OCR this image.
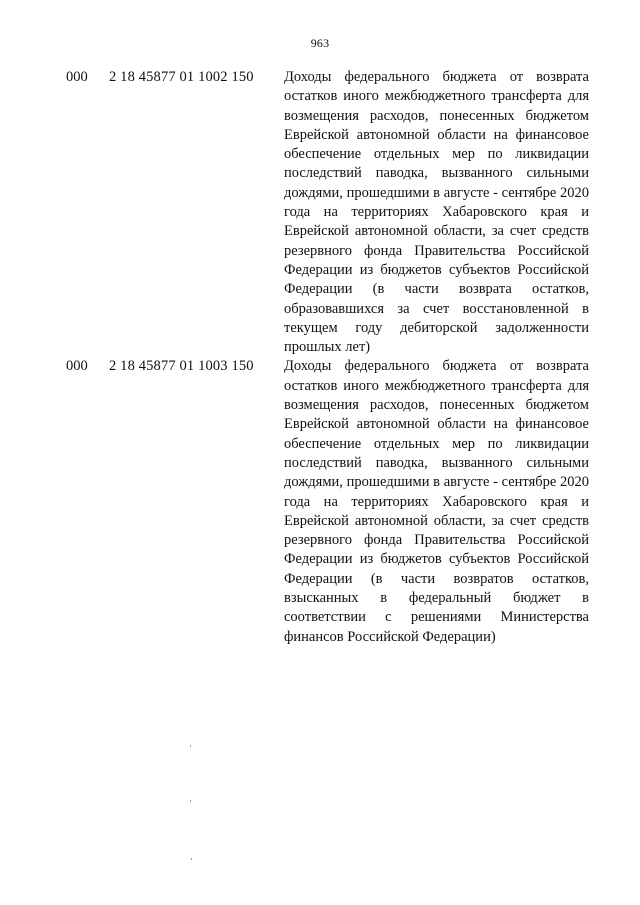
963
000 2 18 45877 01 1002 150 Доходы федерального бюджета от возврата остатков иного межбюджетного трансферта для возмещения расходов, понесенных бюджетом Еврейской автономной области на финансовое обеспечение отдельных мер по ликвидации последствий паводка, вызванного сильными дождями, прошедшими в августе - сентябре 2020 года на территориях Хабаровского края и Еврейской автономной области, за счет средств резервного фонда Правительства Российской Федерации из бюджетов субъектов Российской Федерации (в части возврата остатков, образовавшихся за счет восстановленной в текущем году дебиторской задолженности прошлых лет)
000 2 18 45877 01 1003 150 Доходы федерального бюджета от возврата остатков иного межбюджетного трансферта для возмещения расходов, понесенных бюджетом Еврейской автономной области на финансовое обеспечение отдельных мер по ликвидации последствий паводка, вызванного сильными дождями, прошедшими в августе - сентябре 2020 года на территориях Хабаровского края и Еврейской автономной области, за счет средств резервного фонда Правительства Российской Федерации из бюджетов субъектов Российской Федерации (в части возвратов остатков, взысканных в федеральный бюджет в соответствии с решениями Министерства финансов Российской Федерации)
